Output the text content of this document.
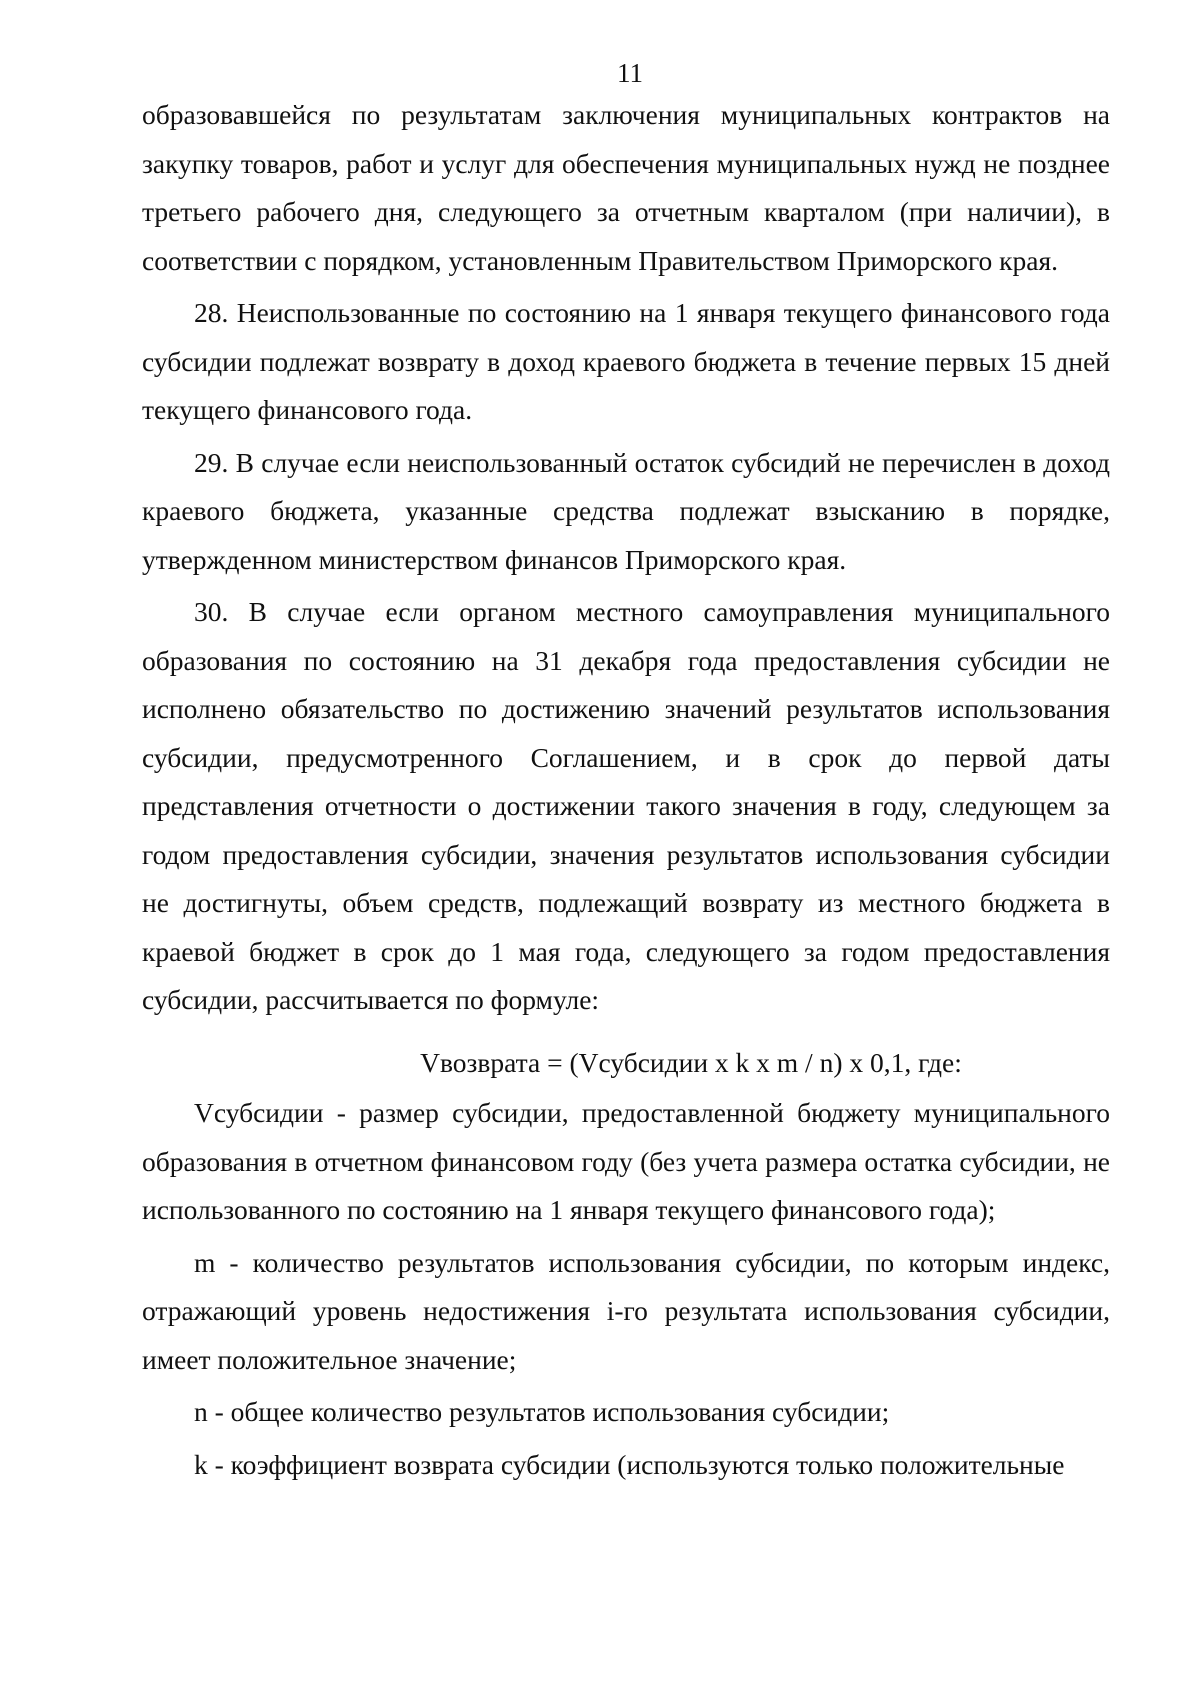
11

образовавшейся по результатам заключения муниципальных контрактов на закупку товаров, работ и услуг для обеспечения муниципальных нужд не позднее третьего рабочего дня, следующего за отчетным кварталом (при наличии), в соответствии с порядком, установленным Правительством Приморского края.

28. Неиспользованные по состоянию на 1 января текущего финансового года субсидии подлежат возврату в доход краевого бюджета в течение первых 15 дней текущего финансового года.

29. В случае если неиспользованный остаток субсидий не перечислен в доход краевого бюджета, указанные средства подлежат взысканию в порядке, утвержденном министерством финансов Приморского края.

30. В случае если органом местного самоуправления муниципального образования по состоянию на 31 декабря года предоставления субсидии не исполнено обязательство по достижению значений результатов использования субсидии, предусмотренного Соглашением, и в срок до первой даты представления отчетности о достижении такого значения в году, следующем за годом предоставления субсидии, значения результатов использования субсидии не достигнуты, объем средств, подлежащий возврату из местного бюджета в краевой бюджет в срок до 1 мая года, следующего за годом предоставления субсидии, рассчитывается по формуле:

Vвозврата = (Vсубсидии x k x m / n) x 0,1, где:

Vсубсидии - размер субсидии, предоставленной бюджету муниципального образования в отчетном финансовом году (без учета размера остатка субсидии, не использованного по состоянию на 1 января текущего финансового года);

m - количество результатов использования субсидии, по которым индекс, отражающий уровень недостижения i-го результата использования субсидии, имеет положительное значение;

n - общее количество результатов использования субсидии;

k - коэффициент возврата субсидии (используются только положительные
